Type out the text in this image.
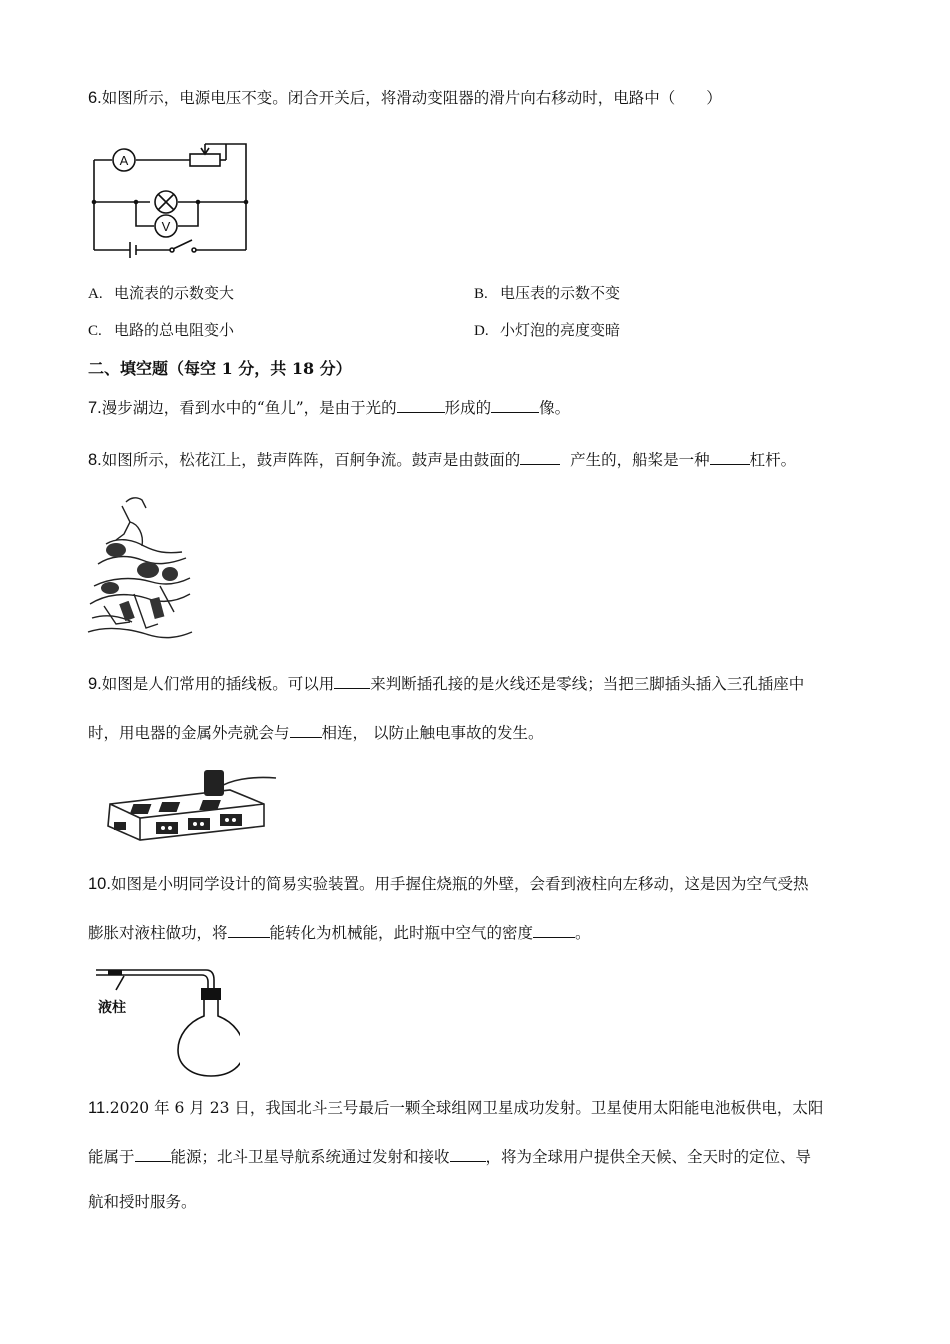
6.如图所示，电源电压不变。闭合开关后，将滑动变阻器的滑片向右移动时，电路中（　　）
A
V
A. 电流表的示数变大	B. 电压表的示数不变
C. 电路的总电阻变小	D. 小灯泡的亮度变暗
二、填空题（每空 1 分，共 18 分）
7.漫步湖边，看到水中的“鱼儿”，是由于光的	形成的	像。
8.如图所示，松花江上，鼓声阵阵，百舸争流。鼓声是由鼓面的	产生的，船桨是一种	杠杆。
9.如图是人们常用的插线板。可以用 来判断插孔接的是火线还是零线；当把三脚插头插入三孔插座中
时，用电器的金属外壳就会与 相连， 以防止触电事故的发生。
10.如图是小明同学设计的简易实验装置。用手握住烧瓶的外壁，会看到液柱向左移动，这是因为空气受热
膨胀对液柱做功，将	能转化为机械能，此时瓶中空气的密度	。
液柱
11.2020 年 6 月 23 日，我国北斗三号最后一颗全球组网卫星成功发射。卫星使用太阳能电池板供电，太阳
能属于 能源；北斗卫星导航系统通过发射和接收 ，将为全球用户提供全天候、全天时的定位、导
航和授时服务。
